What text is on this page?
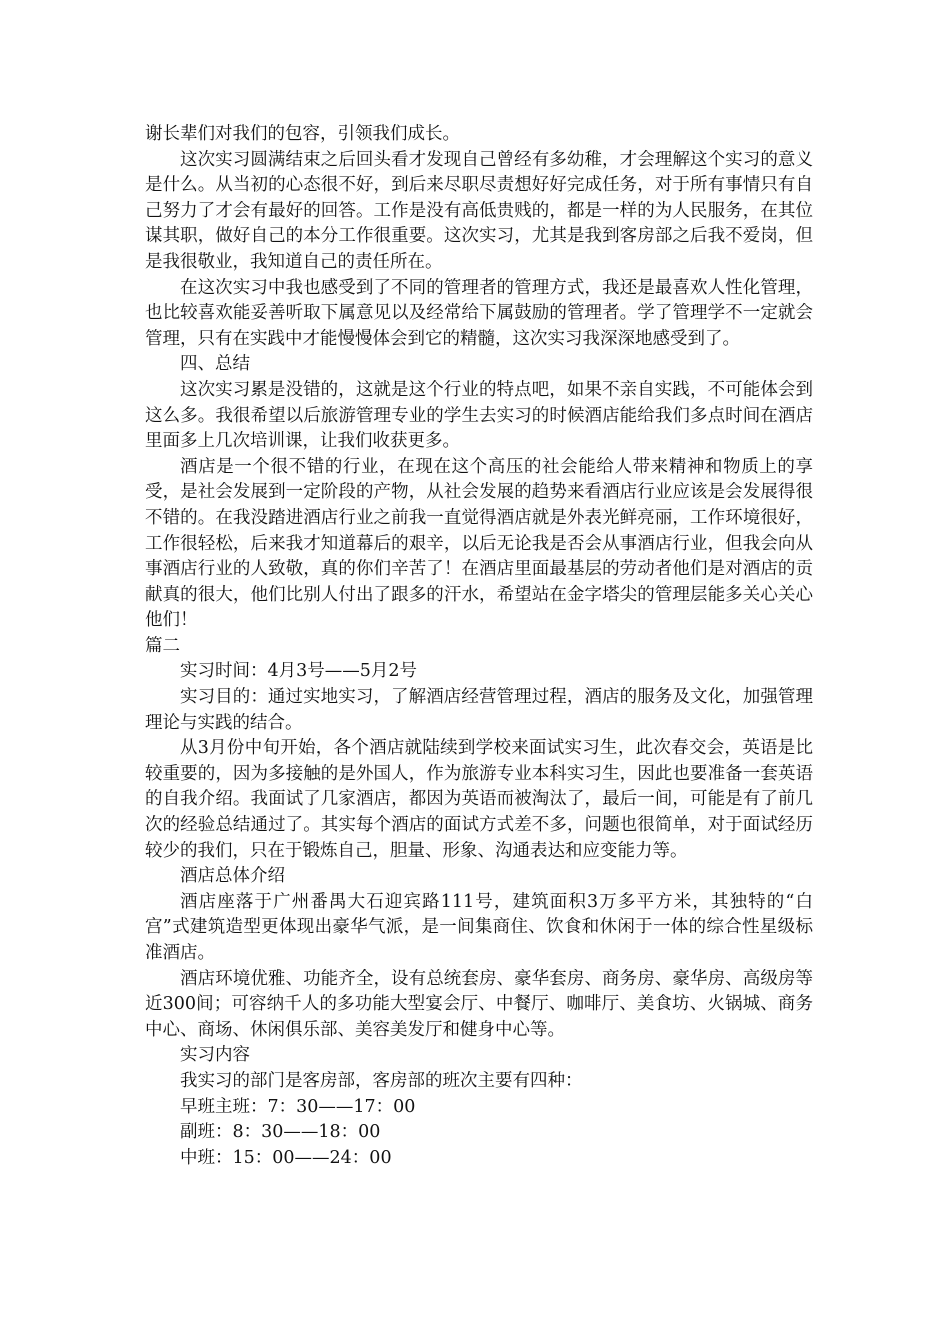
谢长辈们对我们的包容，引领我们成长。

这次实习圆满结束之后回头看才发现自己曾经有多幼稚，才会理解这个实习的意义是什么。从当初的心态很不好，到后来尽职尽责想好好完成任务，对于所有事情只有自己努力了才会有最好的回答。工作是没有高低贵贱的，都是一样的为人民服务，在其位谋其职，做好自己的本分工作很重要。这次实习，尤其是我到客房部之后我不爱岗，但是我很敬业，我知道自己的责任所在。

在这次实习中我也感受到了不同的管理者的管理方式，我还是最喜欢人性化管理，也比较喜欢能妥善听取下属意见以及经常给下属鼓励的管理者。学了管理学不一定就会管理，只有在实践中才能慢慢体会到它的精髓，这次实习我深深地感受到了。

四、总结

这次实习累是没错的，这就是这个行业的特点吧，如果不亲自实践，不可能体会到这么多。我很希望以后旅游管理专业的学生去实习的时候酒店能给我们多点时间在酒店里面多上几次培训课，让我们收获更多。

酒店是一个很不错的行业，在现在这个高压的社会能给人带来精神和物质上的享受，是社会发展到一定阶段的产物，从社会发展的趋势来看酒店行业应该是会发展得很不错的。在我没踏进酒店行业之前我一直觉得酒店就是外表光鲜亮丽，工作环境很好，工作很轻松，后来我才知道幕后的艰辛，以后无论我是否会从事酒店行业，但我会向从事酒店行业的人致敬，真的你们辛苦了！在酒店里面最基层的劳动者他们是对酒店的贡献真的很大，他们比别人付出了跟多的汗水，希望站在金字塔尖的管理层能多关心关心他们！

篇二

实习时间：4月3号——5月2号

实习目的：通过实地实习，了解酒店经营管理过程，酒店的服务及文化，加强管理理论与实践的结合。

从3月份中旬开始，各个酒店就陆续到学校来面试实习生，此次春交会，英语是比较重要的，因为多接触的是外国人，作为旅游专业本科实习生，因此也要准备一套英语的自我介绍。我面试了几家酒店，都因为英语而被淘汰了，最后一间，可能是有了前几次的经验总结通过了。其实每个酒店的面试方式差不多，问题也很简单，对于面试经历较少的我们，只在于锻炼自己，胆量、形象、沟通表达和应变能力等。

酒店总体介绍

酒店座落于广州番禺大石迎宾路111号，建筑面积3万多平方米，其独特的“白宫”式建筑造型更体现出豪华气派，是一间集商住、饮食和休闲于一体的综合性星级标准酒店。

酒店环境优雅、功能齐全，设有总统套房、豪华套房、商务房、豪华房、高级房等近300间；可容纳千人的多功能大型宴会厅、中餐厅、咖啡厅、美食坊、火锅城、商务中心、商场、休闲俱乐部、美容美发厅和健身中心等。

实习内容

我实习的部门是客房部，客房部的班次主要有四种：

早班主班：7：30——17：00

副班：8：30——18：00

中班：15：00——24：00
